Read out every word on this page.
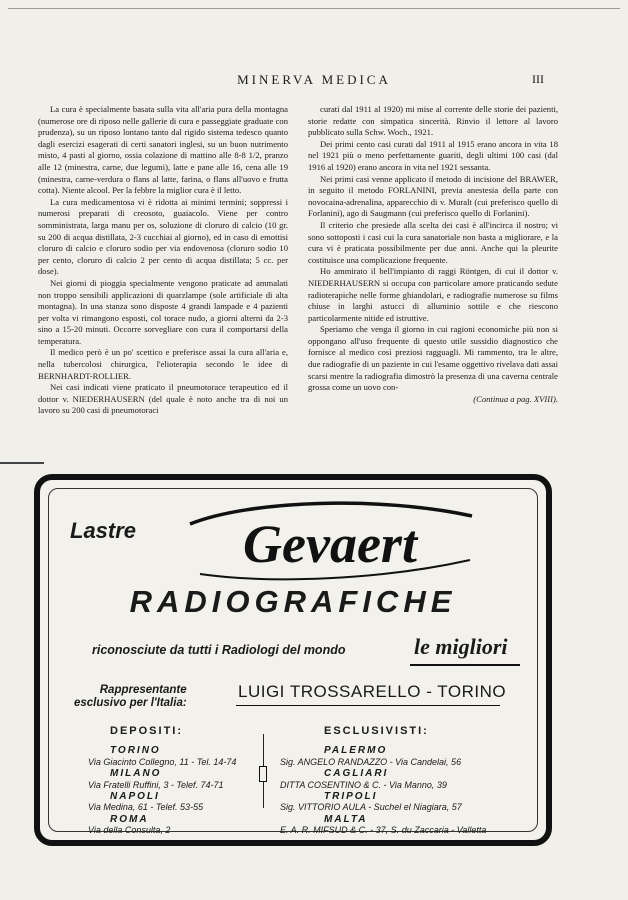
MINERVA MEDICA	III

La cura è specialmente basata sulla vita all'aria pura della montagna (numerose ore di riposo nelle gallerie di cura e passeggiate graduate con prudenza), su un riposo lontano tanto dal rigido sistema tedesco quanto dagli esercizi esagerati di certi sanatori inglesi, su un buon nutrimento misto, 4 pasti al giorno, ossia colazione di mattino alle 8-8 1/2, pranzo alle 12 (minestra, carne, due legumi), latte e pane alle 16, cena alle 19 (minestra, carne-verdura o flans al latte, farina, o flans all'uovo e frutta cotta). Niente alcool. Per la febbre la miglior cura è il letto.

La cura medicamentosa vi è ridotta ai minimi termini; soppressi i numerosi preparati di creosoto, guaiacolo. Viene per contro somministrata, larga manu per os, soluzione di cloruro di calcio (10 gr. su 200 di acqua distillata, 2-3 cucchiai al giorno), ed in caso di emottisi cloruro di calcio e cloruro sodio per via endovenosa (cloruro sodio 10 per cento, cloruro di calcio 2 per cento di acqua distillata; 5 cc. per dose).

Nei giorni di pioggia specialmente vengono praticate ad ammalati non troppo sensibili applicazioni di quarzlampe (sole artificiale di alta montagna). In una stanza sono disposte 4 grandi lampade e 4 pazienti per volta vi rimangono esposti, col torace nudo, a giorni alterni da 2-3 sino a 15-20 minuti. Occorre sorvegliare con cura il comportarsi della temperatura.

Il medico però è un po' scettico e preferisce assai la cura all'aria e, nella tubercolosi chirurgica, l'elioterapia secondo le idee di BERNHARDT-ROLLIER.

Nei casi indicati viene praticato il pneumotorace terapeutico ed il dottor v. NIEDERHAUSERN (del quale è noto anche tra di noi un lavoro su 200 casi di pneumotoraci

curati dal 1911 al 1920) mi mise al corrente delle storie dei pazienti, storie redatte con simpatica sincerità. Rinvio il lettore al lavoro pubblicato sulla Schw. Woch., 1921.

Dei primi cento casi curati dal 1911 al 1915 erano ancora in vita 18 nel 1921 più o meno perfettamente guariti, degli ultimi 100 casi (dal 1916 al 1920) erano ancora in vita nel 1921 sessanta.

Nei primi casi venne applicato il metodo di incisione del BRAWER, in seguito il metodo FORLANINI, previa anestesia della parte con novocaina-adrenalina, apparecchio di v. Muralt (cui preferisco quello di Forlanini), ago di Saugmann (cui preferisco quello di Forlanini).

Il criterio che presiede alla scelta dei casi è all'incirca il nostro; vi sono sottoposti i casi cui la cura sanatoriale non basta a migliorare, e la cura vi è praticata possibilmente per due anni. Anche qui la pleurite costituisce una complicazione frequente.

Ho ammirato il bell'impianto di raggi Röntgen, di cui il dottor v. NIEDERHAUSERN si occupa con particolare amore praticando sedute radioterapiche nelle forme ghiandolari, e radiografie numerose su films chiuse in larghi astucci di alluminio sottile e che riescono particolarmente nitide ed istruttive.

Speriamo che venga il giorno in cui ragioni economiche più non si oppongano all'uso frequente di questo utile sussidio diagnostico che fornisce al medico così preziosi ragguagli. Mi rammento, tra le altre, due radiografie di un paziente in cui l'esame oggettivo rivelava dati assai scarsi mentre la radiografia dimostrò la presenza di una caverna centrale grossa come un uovo con-

(Continua a pag. XVIII).

Lastre Gevaert
RADIOGRAFICHE
riconosciute da tutti i Radiologi del mondo	le migliori
Rappresentante
esclusivo per l'Italia:
LUIGI TROSSARELLO - TORINO
DEPOSITI:
TORINO
Via Giacinto Collegno, 11 - Tel. 14-74
MILANO
Via Fratelli Ruffini, 3 - Telef. 74-71
NAPOLI
Via Medina, 61 - Telef. 53-55
ROMA
Via della Consulta, 2
ESCLUSIVISTI:
PALERMO
Sig. ANGELO RANDAZZO - Via Candelai, 56
CAGLIARI
DITTA COSENTINO & C. - Via Manno, 39
TRIPOLI
Sig. VITTORIO AULA - Suchel el Niagiara, 57
MALTA
E. A. R. MIFSUD & C. - 37, S. du Zaccaria - Valletta
